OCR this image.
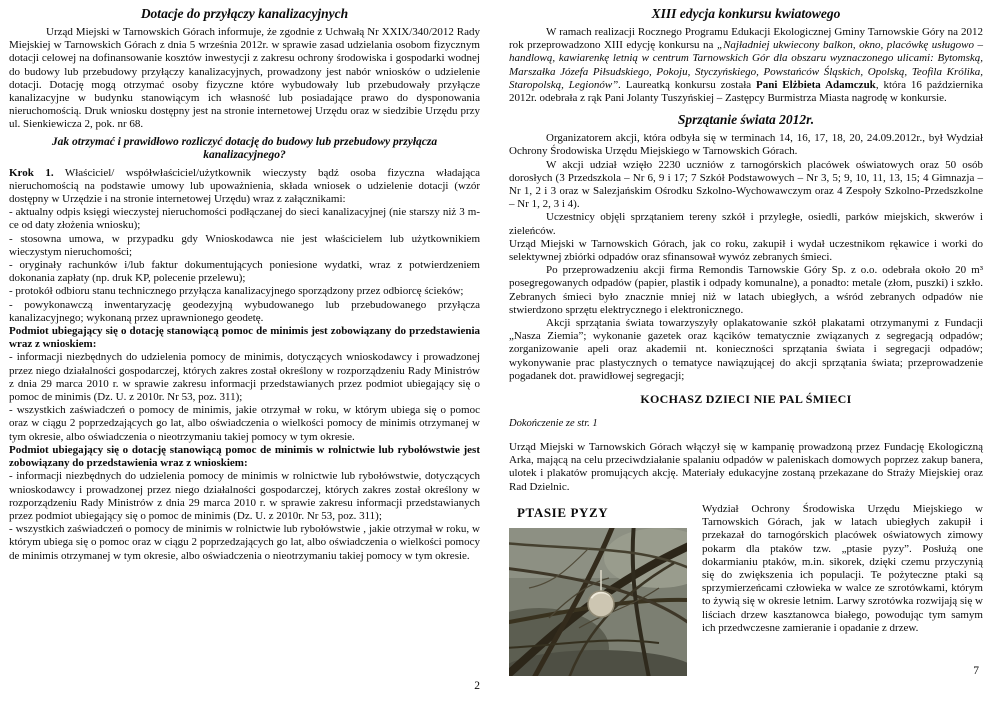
Dotacje do przyłączy kanalizacyjnych

Urząd Miejski w Tarnowskich Górach informuje, że zgodnie z Uchwałą Nr XXIX/340/2012 Rady Miejskiej w Tarnowskich Górach z dnia 5 września 2012r. w sprawie zasad udzielania osobom fizycznym dotacji celowej na dofinansowanie kosztów inwestycji z zakresu ochrony środowiska i gospodarki wodnej do budowy lub przebudowy przyłączy kanalizacyjnych, prowadzony jest nabór wniosków o udzielenie dotacji. Dotację mogą otrzymać osoby fizyczne które wybudowały lub przebudowały przyłącze kanalizacyjne w budynku stanowiącym ich własność lub posiadające prawo do dysponowania nieruchomością. Druk wniosku dostępny jest na stronie internetowej Urzędu oraz w siedzibie Urzędu przy ul. Sienkiewicza 2, pok. nr 68.

Jak otrzymać i prawidłowo rozliczyć dotację do budowy lub przebudowy przyłącza kanalizacyjnego?

Krok 1. Właściciel/ współwłaściciel/użytkownik wieczysty bądź osoba fizyczna władająca nieruchomością na podstawie umowy lub upoważnienia, składa wniosek o udzielenie dotacji (wzór dostępny w Urzędzie i na stronie internetowej Urzędu) wraz z załącznikami:

- aktualny odpis księgi wieczystej nieruchomości podłączanej do sieci kanalizacyjnej (nie starszy niż 3 m-ce od daty złożenia wniosku);

- stosowna umowa, w przypadku gdy Wnioskodawca nie jest właścicielem lub użytkownikiem wieczystym nieruchomości;

- oryginały rachunków i/lub faktur dokumentujących poniesione wydatki, wraz z potwierdzeniem dokonania zapłaty (np. druk KP, polecenie przelewu);

- protokół odbioru stanu technicznego przyłącza kanalizacyjnego sporządzony przez odbiorcę ścieków;

- powykonawczą inwentaryzację geodezyjną wybudowanego lub przebudowanego przyłącza kanalizacyjnego; wykonaną przez uprawnionego geodetę.

Podmiot ubiegający się o dotację stanowiącą pomoc de minimis jest zobowiązany do przedstawienia wraz z wnioskiem:

- informacji niezbędnych do udzielenia pomocy de minimis, dotyczących wnioskodawcy i prowadzonej przez niego działalności gospodarczej, których zakres został określony w rozporządzeniu Rady Ministrów z dnia 29 marca 2010 r. w sprawie zakresu informacji przedstawianych przez podmiot ubiegający się o pomoc de minimis (Dz. U. z 2010r. Nr 53, poz. 311);

- wszystkich zaświadczeń o pomocy de minimis, jakie otrzymał w roku, w którym ubiega się o pomoc oraz w ciągu 2 poprzedzających go lat, albo oświadczenia o wielkości pomocy de minimis otrzymanej w tym okresie, albo oświadczenia o nieotrzymaniu takiej pomocy w tym okresie.

Podmiot ubiegający się o dotację stanowiącą pomoc de minimis w rolnictwie lub rybołówstwie jest zobowiązany do przedstawienia wraz z wnioskiem:

- informacji niezbędnych do udzielenia pomocy de minimis w rolnictwie lub rybołówstwie, dotyczących wnioskodawcy i prowadzonej przez niego działalności gospodarczej, których zakres został określony w rozporządzeniu Rady Ministrów z dnia 29 marca 2010 r. w sprawie zakresu informacji przedstawianych przez podmiot ubiegający się o pomoc de minimis (Dz. U. z 2010r. Nr 53, poz. 311);

- wszystkich zaświadczeń o pomocy de minimis w rolnictwie lub rybołówstwie , jakie otrzymał w roku, w którym ubiega się o pomoc oraz w ciągu 2 poprzedzających go lat, albo oświadczenia o wielkości pomocy de minimis otrzymanej w tym okresie, albo oświadczenia o nieotrzymaniu takiej pomocy w tym okresie.

2
XIII edycja konkursu kwiatowego

W ramach realizacji Rocznego Programu Edukacji Ekologicznej Gminy Tarnowskie Góry na 2012 rok przeprowadzono XIII edycję konkursu na „Najładniej ukwiecony balkon, okno, placówkę usługowo – handlową, kawiarenkę letnią w centrum Tarnowskich Gór dla obszaru wyznaczonego ulicami: Bytomską, Marszałka Józefa Piłsudskiego, Pokoju, Styczyńskiego, Powstańców Śląskich, Opolską, Teofila Królika, Staropolską, Legionów”. Laureatką konkursu została Pani Elżbieta Adamczuk, która 16 października 2012r. odebrała z rąk Pani Jolanty Tuszyńskiej – Zastępcy Burmistrza Miasta nagrodę w konkursie.

Sprzątanie świata 2012r.

Organizatorem akcji, która odbyła się w terminach 14, 16, 17, 18, 20, 24.09.2012r., był Wydział Ochrony Środowiska Urzędu Miejskiego w Tarnowskich Górach.

W akcji udział wzięło 2230 uczniów z tarnogórskich placówek oświatowych oraz 50 osób dorosłych (3 Przedszkola – Nr 6, 9 i 17; 7 Szkół Podstawowych – Nr 3, 5; 9, 10, 11, 13, 15; 4 Gimnazja – Nr 1, 2 i 3 oraz w Salezjańskim Ośrodku Szkolno-Wychowawczym oraz 4 Zespoły Szkolno-Przedszkolne – Nr 1, 2, 3 i 4).

Uczestnicy objęli sprzątaniem tereny szkół i przyległe, osiedli, parków miejskich, skwerów i zieleńców.

Urząd Miejski w Tarnowskich Górach, jak co roku, zakupił i wydał uczestnikom rękawice i worki do selektywnej zbiórki odpadów oraz sfinansował wywóz zebranych śmieci.

Po przeprowadzeniu akcji firma Remondis Tarnowskie Góry Sp. z o.o. odebrała około 20 m³ posegregowanych odpadów (papier, plastik i odpady komunalne), a ponadto: metale (złom, puszki) i szkło. Zebranych śmieci było znacznie mniej niż w latach ubiegłych, a wśród zebranych odpadów nie stwierdzono sprzętu elektrycznego i elektronicznego.

Akcji sprzątania świata towarzyszyły oplakatowanie szkół plakatami otrzymanymi z Fundacji „Nasza Ziemia”; wykonanie gazetek oraz kącików tematycznie związanych z segregacją odpadów; zorganizowanie apeli oraz akademii nt. konieczności sprzątania świata i segregacji odpadów; wykonywanie prac plastycznych o tematyce nawiązującej do akcji sprzątania świata; przeprowadzenie pogadanek dot. prawidłowej segregacji;

KOCHASZ DZIECI NIE PAL ŚMIECI

Dokończenie ze str. 1

Urząd Miejski w Tarnowskich Górach włączył się w kampanię prowadzoną przez Fundację Ekologiczną Arka, mającą na celu przeciwdziałanie spalaniu odpadów w paleniskach domowych poprzez zakup banera, ulotek i plakatów promujących akcję. Materiały edukacyjne zostaną przekazane do Straży Miejskiej oraz Rad Dzielnic.

PTASIE PYZY	Wydział Ochrony Środowiska Urzędu Miejskiego w Tarnowskich Górach, jak w latach ubiegłych zakupił i przekazał do tarnogórskich placówek oświatowych zimowy pokarm dla ptaków tzw. „ptasie pyzy”. Posłużą one dokarmianiu ptaków, m.in. sikorek, dzięki czemu przyczynią się do zwiększenia ich populacji. Te pożyteczne ptaki są sprzymierzeńcami człowieka w walce ze szrotówkami, którym to żywią się w okresie letnim. Larwy szrotówka rozwijają się w liściach drzew kasztanowca białego, powodując tym samym ich przedwczesne zamieranie i opadanie z drzew.

7
